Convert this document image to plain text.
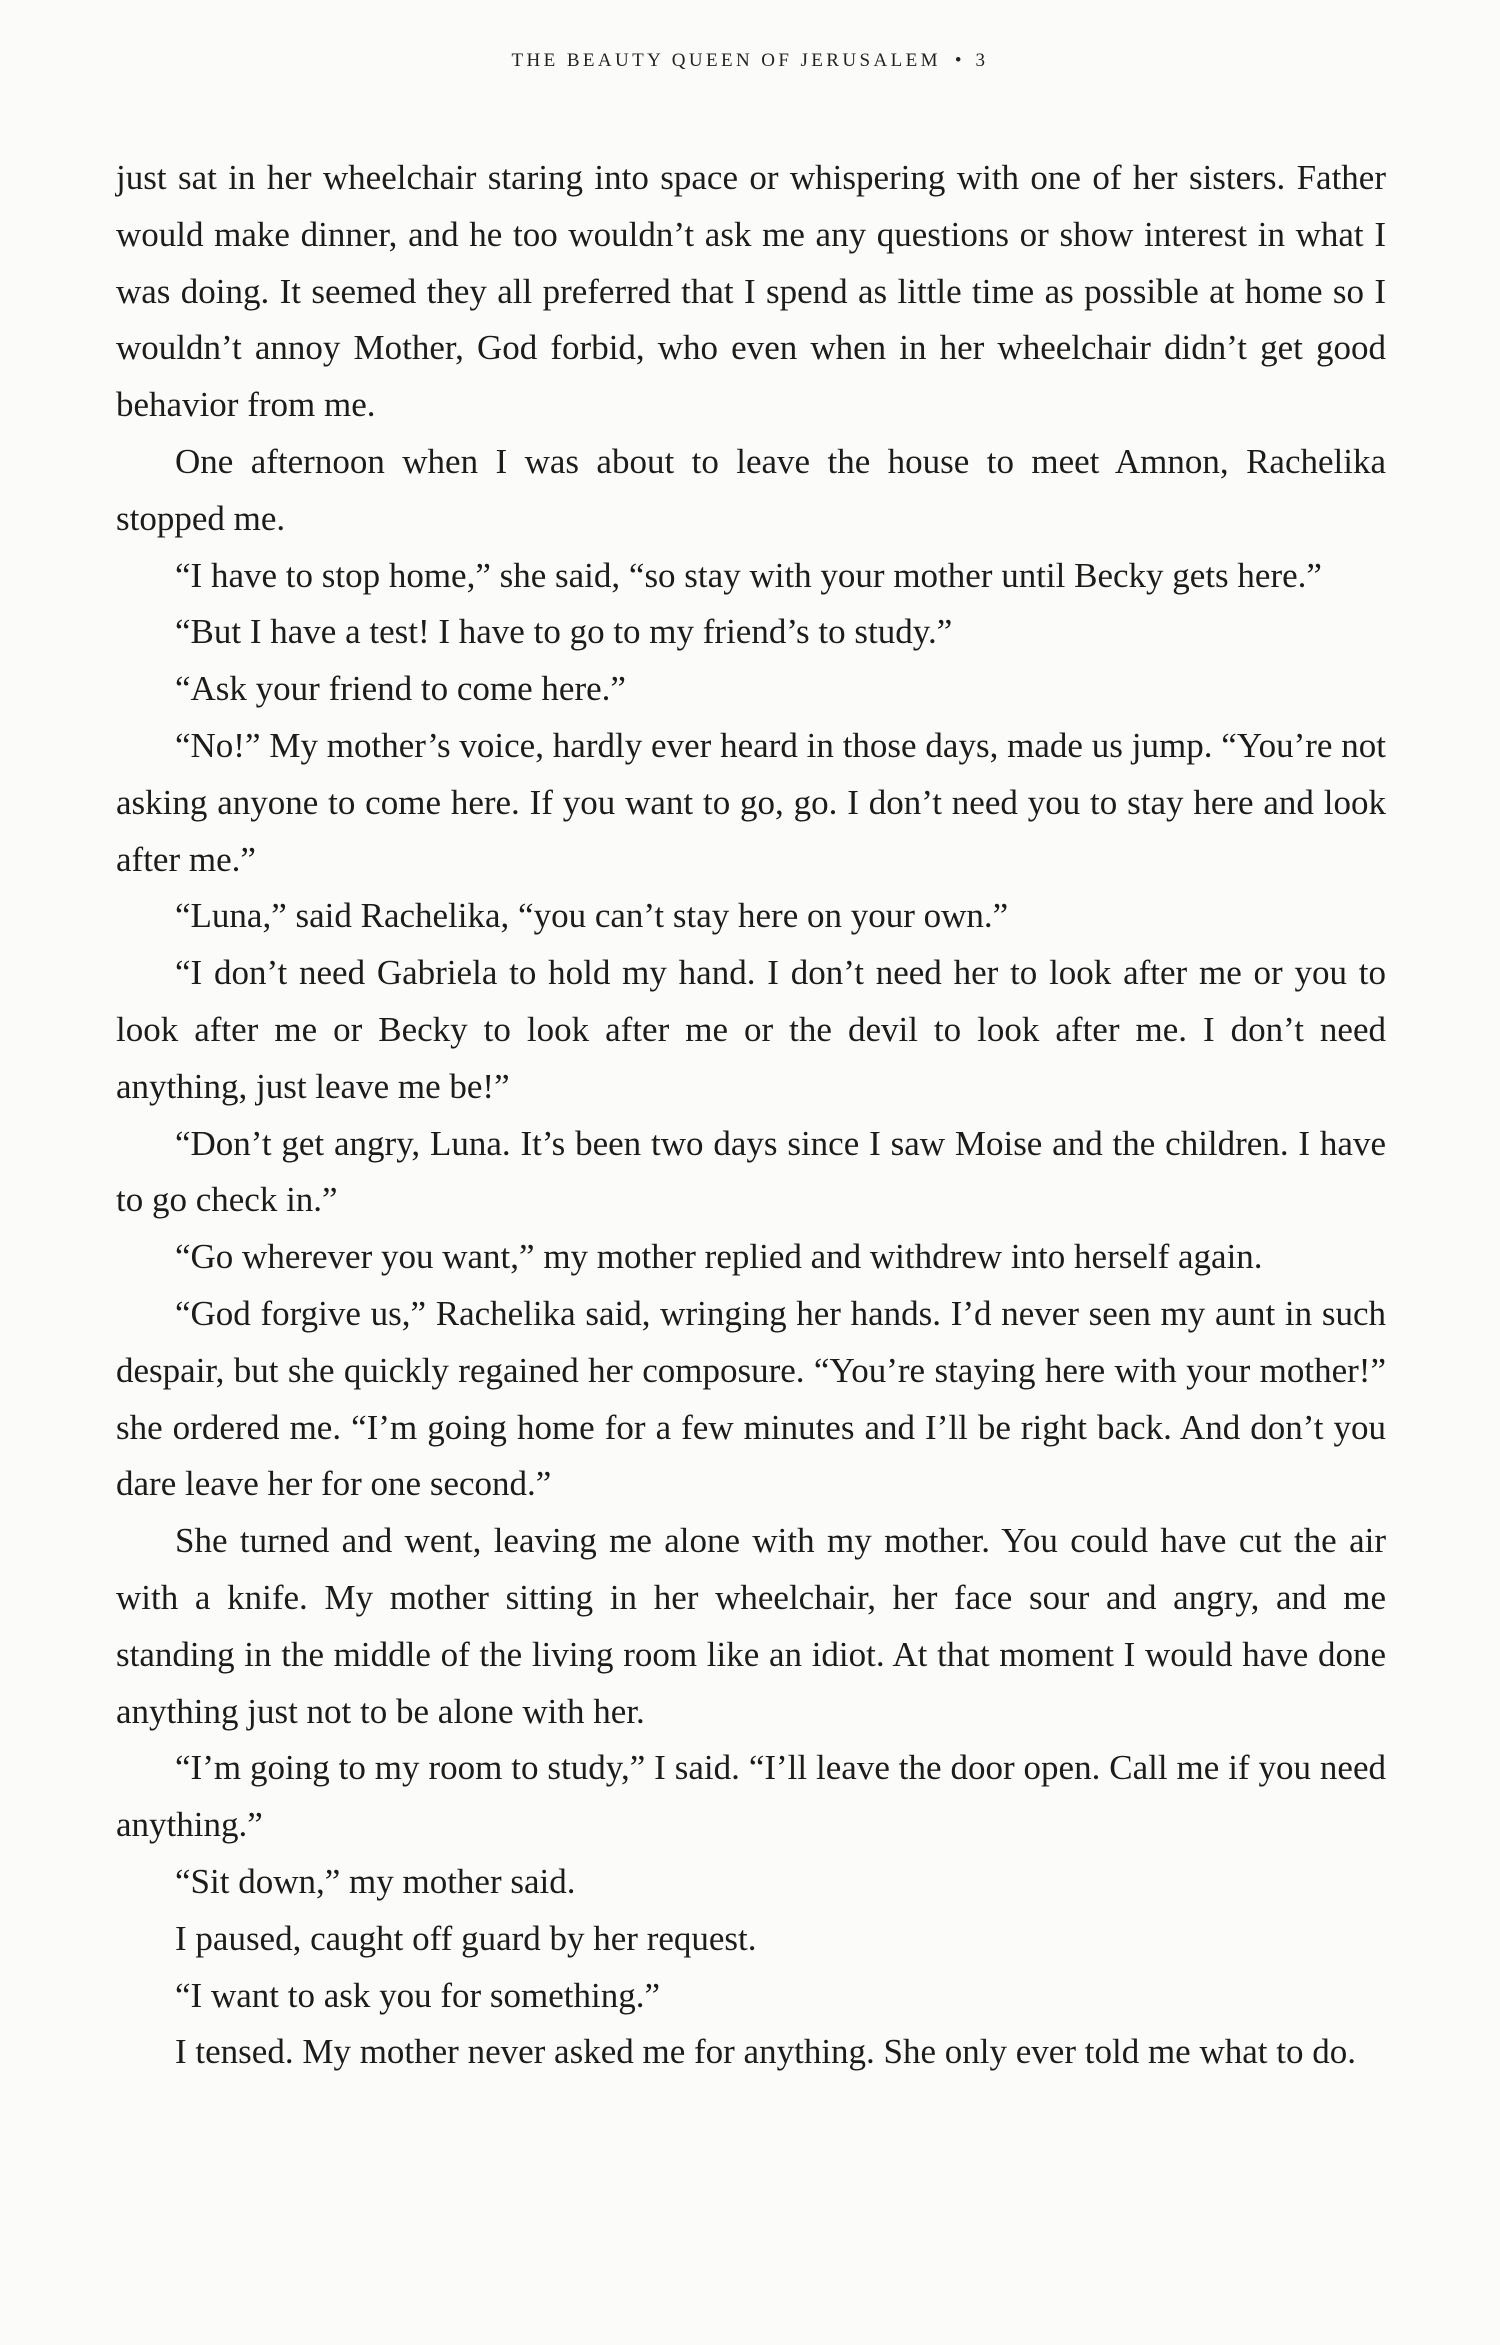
THE BEAUTY QUEEN OF JERUSALEM • 3

just sat in her wheelchair staring into space or whispering with one of her sisters. Father would make dinner, and he too wouldn’t ask me any questions or show interest in what I was doing. It seemed they all preferred that I spend as little time as possible at home so I wouldn’t annoy Mother, God forbid, who even when in her wheelchair didn’t get good behavior from me.

One afternoon when I was about to leave the house to meet Amnon, Rachelika stopped me.

“I have to stop home,” she said, “so stay with your mother until Becky gets here.”

“But I have a test! I have to go to my friend’s to study.”

“Ask your friend to come here.”

“No!” My mother’s voice, hardly ever heard in those days, made us jump. “You’re not asking anyone to come here. If you want to go, go. I don’t need you to stay here and look after me.”

“Luna,” said Rachelika, “you can’t stay here on your own.”

“I don’t need Gabriela to hold my hand. I don’t need her to look after me or you to look after me or Becky to look after me or the devil to look after me. I don’t need anything, just leave me be!”

“Don’t get angry, Luna. It’s been two days since I saw Moise and the children. I have to go check in.”

“Go wherever you want,” my mother replied and withdrew into herself again.

“God forgive us,” Rachelika said, wringing her hands. I’d never seen my aunt in such despair, but she quickly regained her composure. “You’re staying here with your mother!” she ordered me. “I’m going home for a few minutes and I’ll be right back. And don’t you dare leave her for one second.”

She turned and went, leaving me alone with my mother. You could have cut the air with a knife. My mother sitting in her wheelchair, her face sour and angry, and me standing in the middle of the living room like an idiot. At that moment I would have done anything just not to be alone with her.

“I’m going to my room to study,” I said. “I’ll leave the door open. Call me if you need anything.”

“Sit down,” my mother said.

I paused, caught off guard by her request.

“I want to ask you for something.”

I tensed. My mother never asked me for anything. She only ever told me what to do.
